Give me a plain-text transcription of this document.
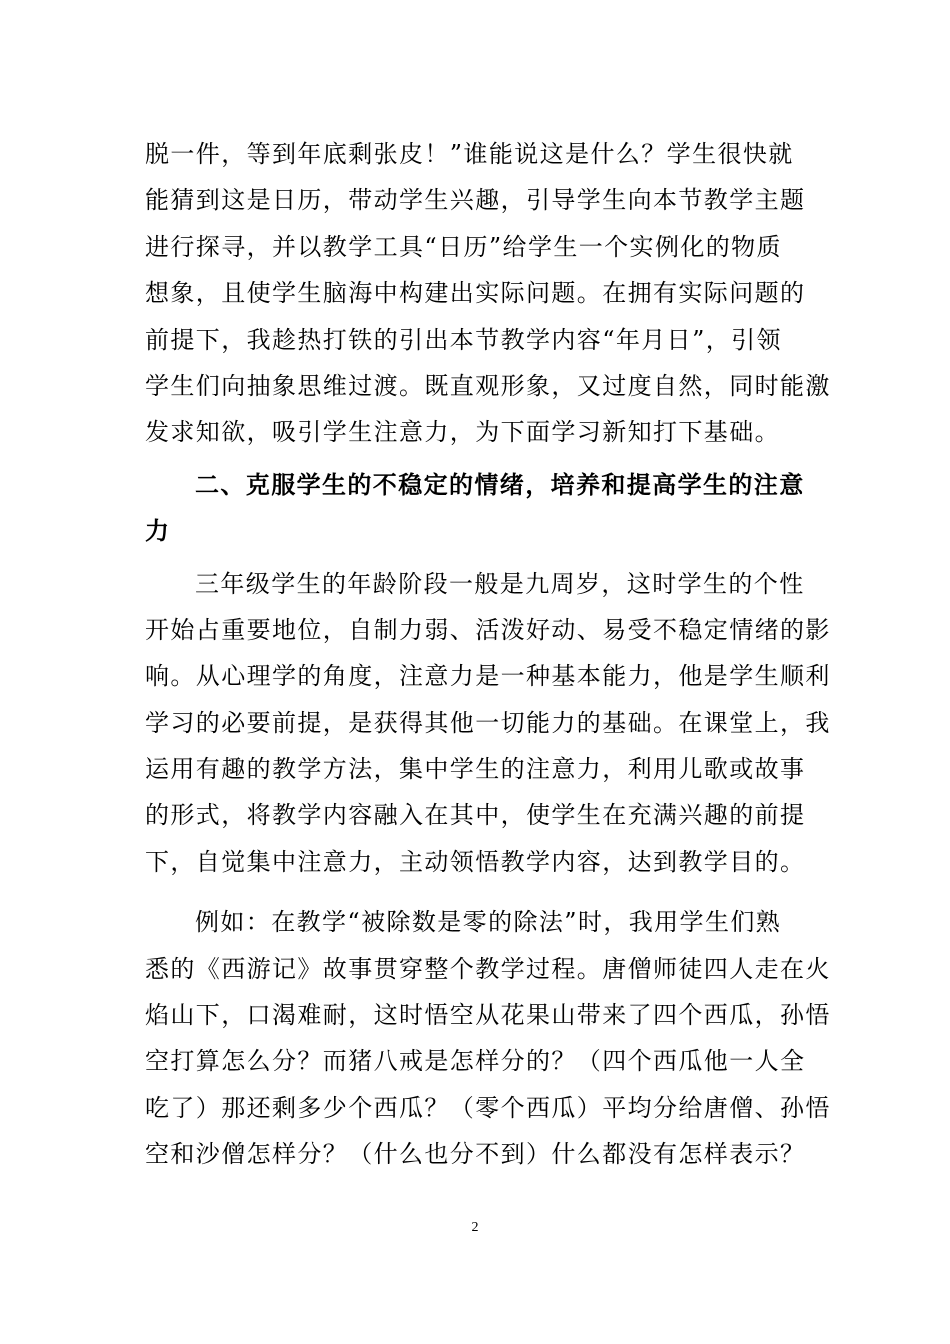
脱一件，等到年底剩张皮！”谁能说这是什么？学生很快就
能猜到这是日历，带动学生兴趣，引导学生向本节教学主题
进行探寻，并以教学工具“日历”给学生一个实例化的物质
想象，且使学生脑海中构建出实际问题。在拥有实际问题的
前提下，我趁热打铁的引出本节教学内容“年月日”，引领
学生们向抽象思维过渡。既直观形象，又过度自然，同时能激
发求知欲，吸引学生注意力，为下面学习新知打下基础。
二、克服学生的不稳定的情绪，培养和提高学生的注意
力
三年级学生的年龄阶段一般是九周岁，这时学生的个性
开始占重要地位，自制力弱、活泼好动、易受不稳定情绪的影
响。从心理学的角度，注意力是一种基本能力，他是学生顺利
学习的必要前提，是获得其他一切能力的基础。在课堂上，我
运用有趣的教学方法，集中学生的注意力，利用儿歌或故事
的形式，将教学内容融入在其中，使学生在充满兴趣的前提
下，自觉集中注意力，主动领悟教学内容，达到教学目的。
例如：在教学“被除数是零的除法”时，我用学生们熟
悉的《西游记》故事贯穿整个教学过程。唐僧师徒四人走在火
焰山下，口渴难耐，这时悟空从花果山带来了四个西瓜，孙悟
空打算怎么分？而猪八戒是怎样分的？（四个西瓜他一人全
吃了）那还剩多少个西瓜？（零个西瓜）平均分给唐僧、孙悟
空和沙僧怎样分？（什么也分不到）什么都没有怎样表示？
2
